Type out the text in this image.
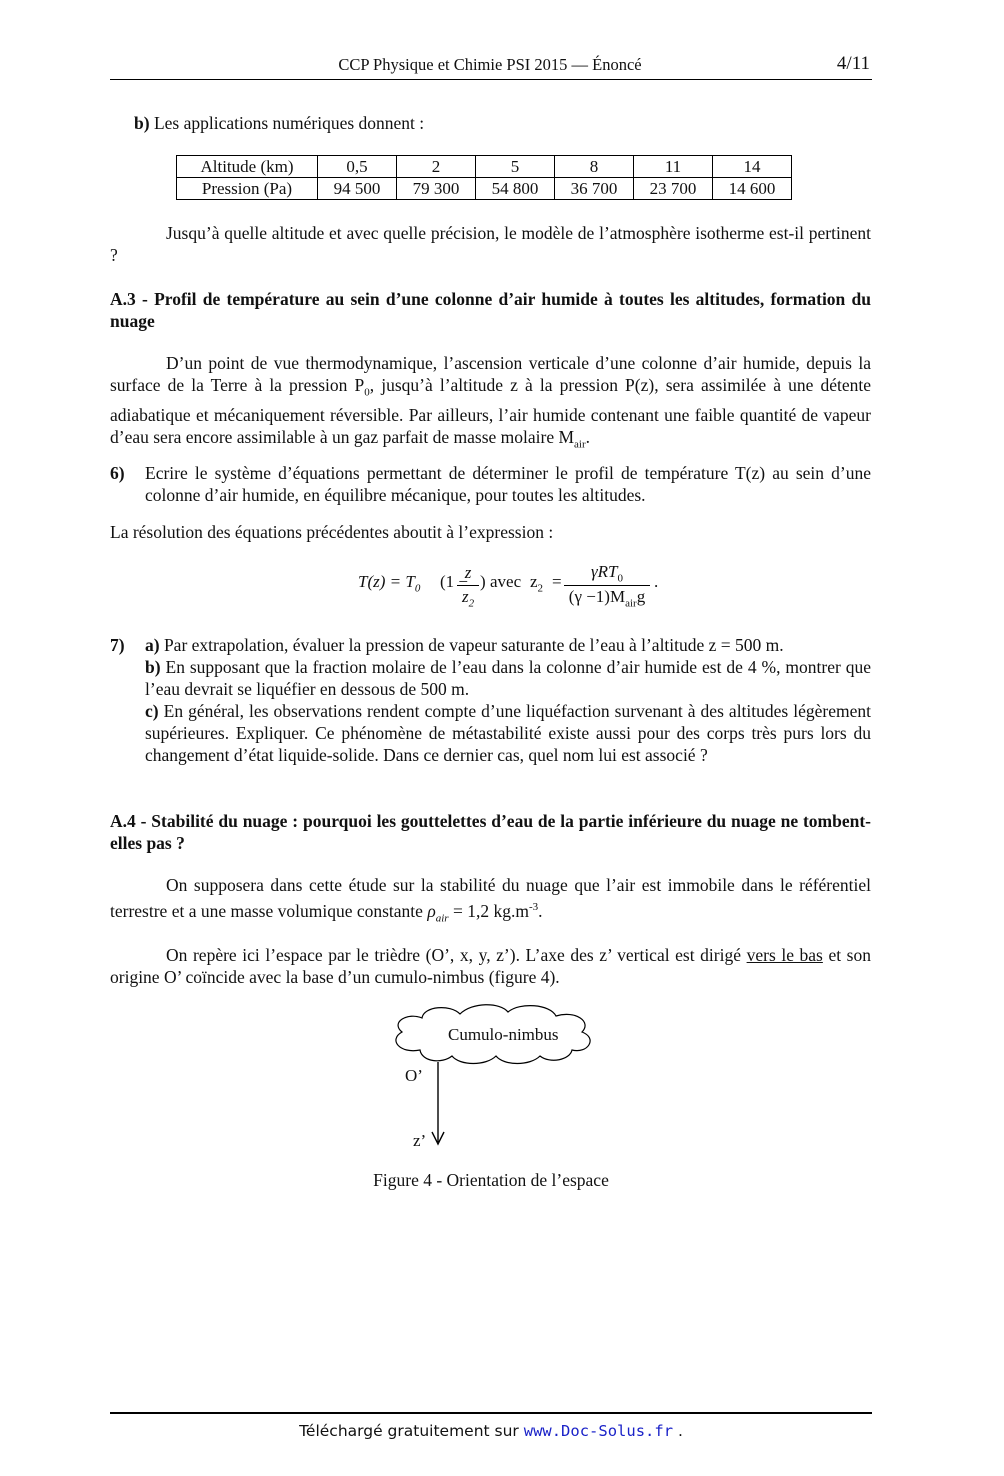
CCP Physique et Chimie PSI 2015 — Énoncé	4/11
b) Les applications numériques donnent :
Altitude (km)	0,5	2	5	8	11	14
Pression (Pa)	94 500	79 300	54 800	36 700	23 700	14 600
Jusqu’à quelle altitude et avec quelle précision, le modèle de l’atmosphère isotherme est-il pertinent ?
A.3 - Profil de température au sein d’une colonne d’air humide à toutes les altitudes, formation du nuage
D’un point de vue thermodynamique, l’ascension verticale d’une colonne d’air humide, depuis la surface de la Terre à la pression $P_0$, jusqu’à l’altitude z à la pression P(z), sera assimilée à une détente adiabatique et mécaniquement réversible. Par ailleurs, l’air humide contenant une faible quantité de vapeur d’eau sera encore assimilable à un gaz parfait de masse molaire $M_{air}$.
6) Ecrire le système d’équations permettant de déterminer le profil de température T(z) au sein d’une colonne d’air humide, en équilibre mécanique, pour toutes les altitudes.
La résolution des équations précédentes aboutit à l’expression :
$T(z) = T_0$ (1 −
z
$z_2$
) avec $z_2$ =
γRT$_0$
$(\gamma -1)M_{air}g$
.
7) a) Par extrapolation, évaluer la pression de vapeur saturante de l’eau à l’altitude z = 500 m.
b) En supposant que la fraction molaire de l’eau dans la colonne d’air humide est de 4 %, montrer que l’eau devrait se liquéfier en dessous de 500 m.
c) En général, les observations rendent compte d’une liquéfaction survenant à des altitudes légèrement supérieures. Expliquer. Ce phénomène de métastabilité existe aussi pour des corps très purs lors du changement d’état liquide-solide. Dans ce dernier cas, quel nom lui est associé ?
A.4 - Stabilité du nuage : pourquoi les gouttelettes d’eau de la partie inférieure du nuage ne tombent-elles pas ?
On supposera dans cette étude sur la stabilité du nuage que l’air est immobile dans le référentiel terrestre et a une masse volumique constante $\rho_{air} = 1,2$ $kg.m^{-3}$.
On repère ici l’espace par le trièdre (O’, x, y, z’). L’axe des z’ vertical est dirigé vers le bas et son origine O’ coïncide avec la base d’un cumulo-nimbus (figure 4).
Cumulo-nimbus
O’
z’
Figure 4 - Orientation de l’espace
Téléchargé gratuitement sur www.Doc-Solus.fr .
